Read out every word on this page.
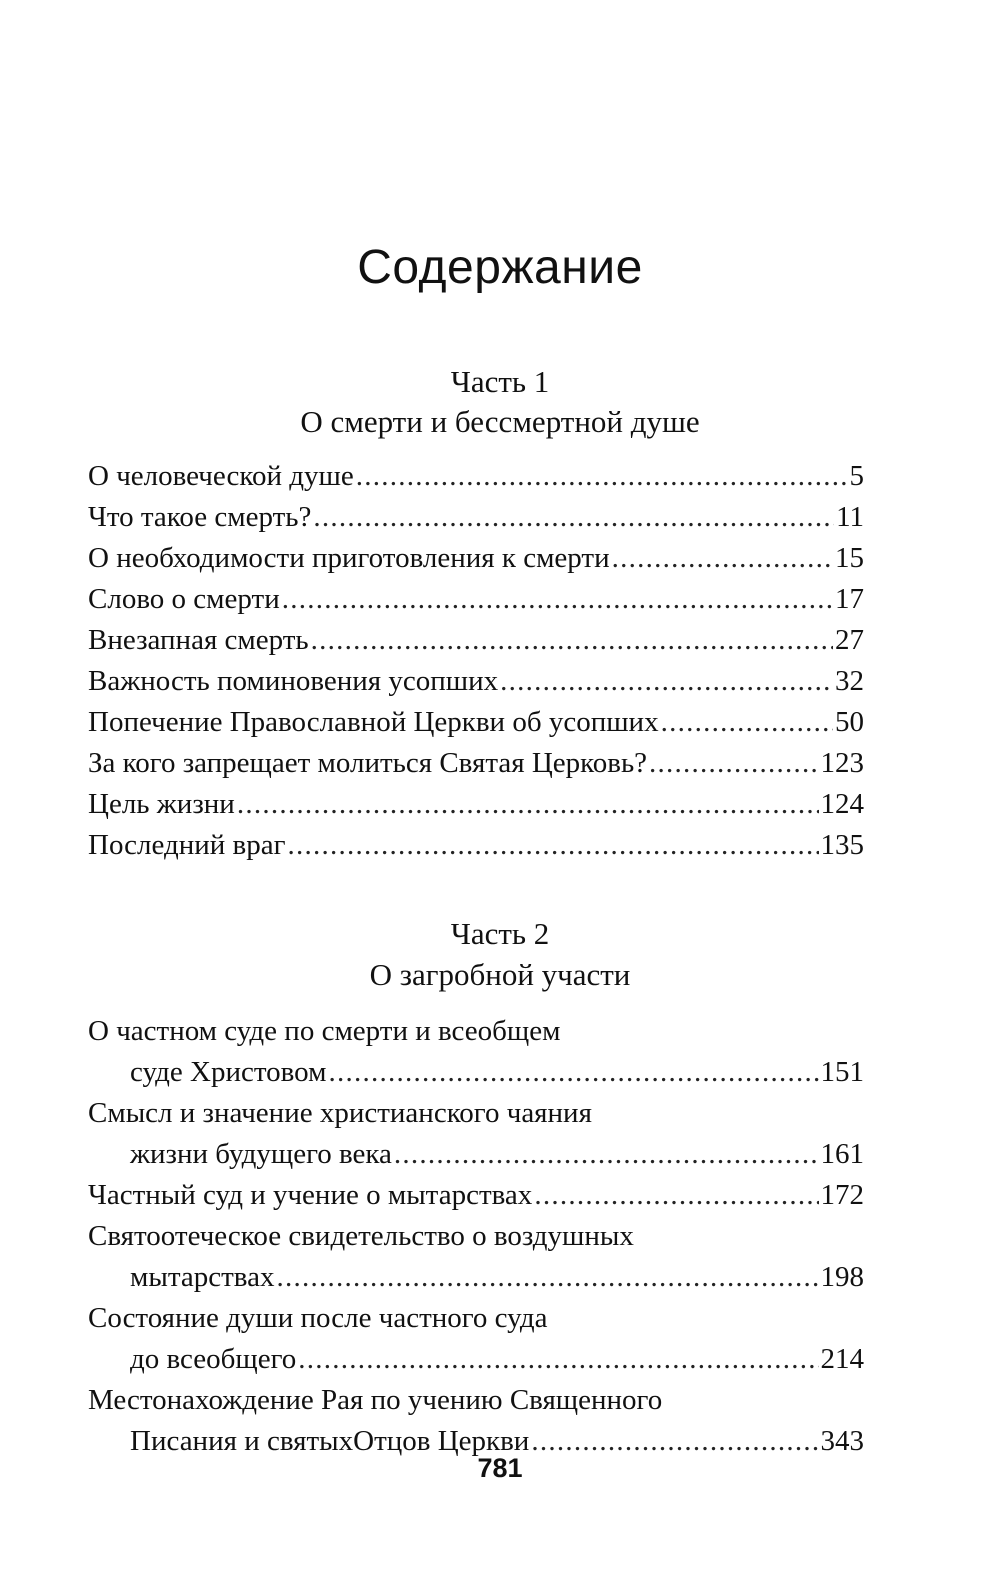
Содержание
Часть 1
О смерти и бессмертной душе
О человеческой душе . . .	5
Что такое смерть? . . .	11
О необходимости приготовления к смерти . . .	15
Слово о смерти . . .	17
Внезапная смерть . . .	27
Важность поминовения усопших . . .	32
Попечение Православной Церкви об усопших . . .	50
За кого запрещает молиться Святая Церковь? . . .	123
Цель жизни . . .	124
Последний враг . . .	135
Часть 2
О загробной участи
О частном суде по смерти и всеобщем
суде Христовом . . .	151
Смысл и значение христианского чаяния
жизни будущего века . . .	161
Частный суд и учение о мытарствах . . .	172
Святоотеческое свидетельство о воздушных
мытарствах . . .	198
Состояние души после частного суда
до всеобщего . . .	214
Местонахождение Рая по учению Священного
Писания и святыхОтцов Церкви . . .	343
781
